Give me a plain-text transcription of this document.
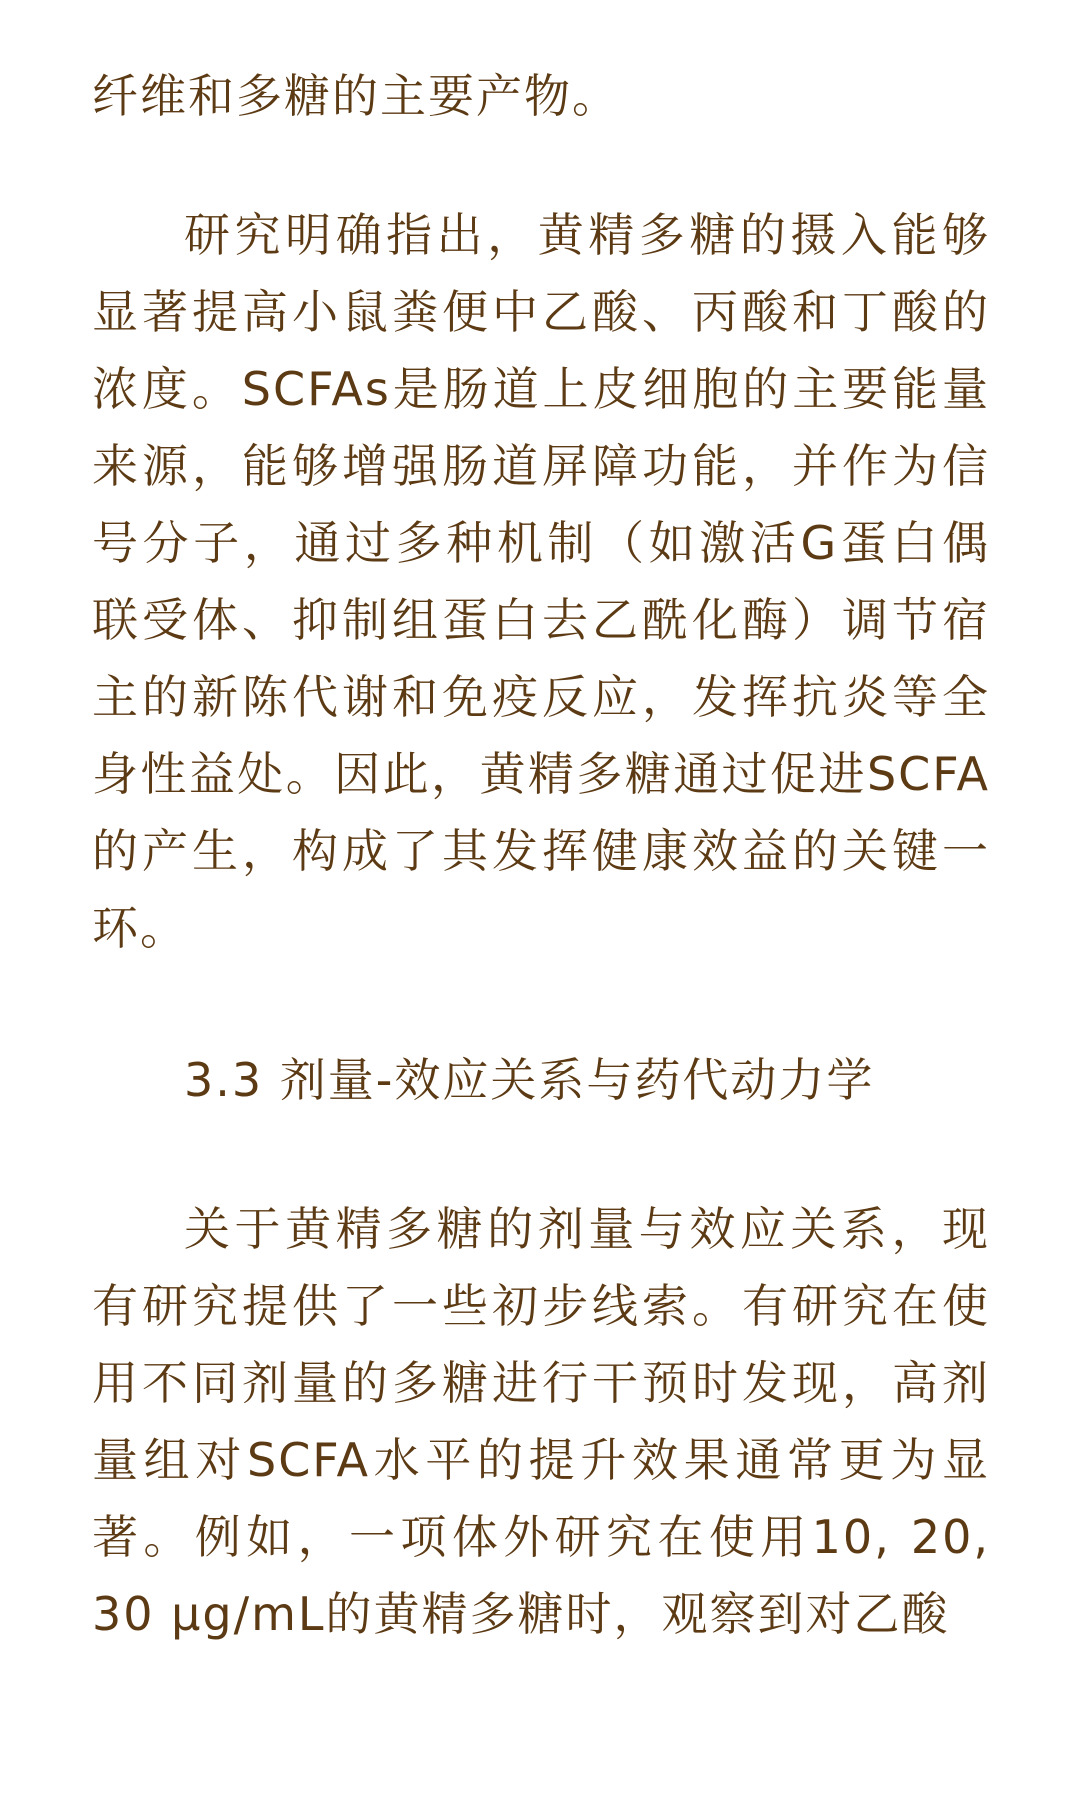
纤维和多糖的主要产物。

研究明确指出，黄精多糖的摄入能够显著提高小鼠粪便中乙酸、丙酸和丁酸的浓度。SCFAs是肠道上皮细胞的主要能量来源，能够增强肠道屏障功能，并作为信号分子，通过多种机制（如激活G蛋白偶联受体、抑制组蛋白去乙酰化酶）调节宿主的新陈代谢和免疫反应，发挥抗炎等全身性益处。因此，黄精多糖通过促进SCFA的产生，构成了其发挥健康效益的关键一环。

3.3 剂量-效应关系与药代动力学

关于黄精多糖的剂量与效应关系，现有研究提供了一些初步线索。有研究在使用不同剂量的多糖进行干预时发现，高剂量组对SCFA水平的提升效果通常更为显著。例如，一项体外研究在使用10, 20, 30 μg/mL的黄精多糖时，观察到对乙酸
